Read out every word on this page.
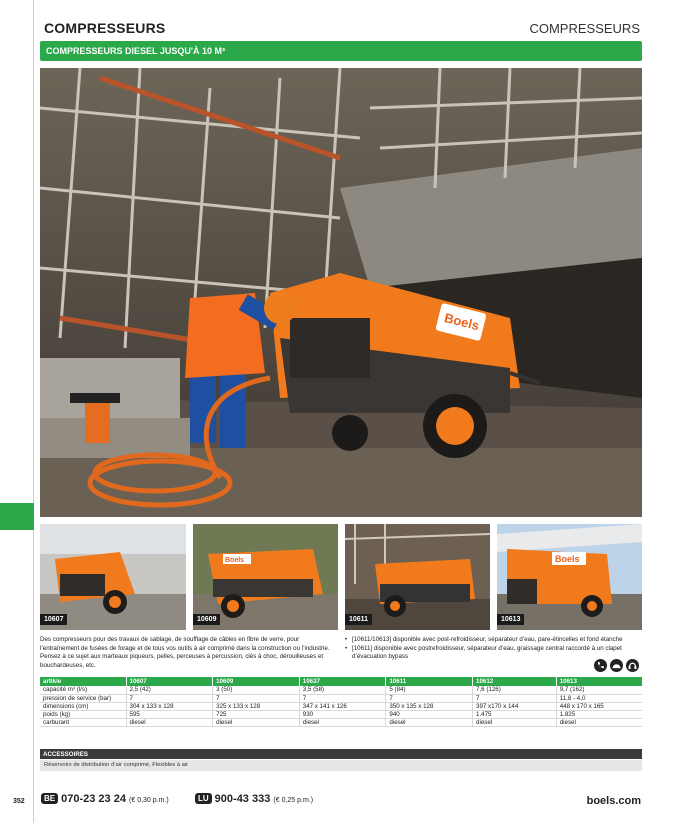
COMPRESSEURS	COMPRESSEURS
COMPRESSEURS DIESEL JUSQU'À 10 M³
Boels
10607
Boels
10609	10611
Boels
10613
Des compresseurs pour des travaux de sablage, de soufflage de câbles en fibre de verre, pour l’entraînement de fusées de forage et de tous vos outils à air comprimé dans la construction ou l’industrie. Pensez à ce sujet aux marteaux piqueurs, pelles, perceuses à percussion, clés à choc, dérouilleuses et bouchardeuses, etc.
• [10611/10613] disponible avec post-refroidisseur, séparateur d’eau, pare-étincelles et fond étanche
• [10611] disponible avec postrefroidisseur, séparateur d’eau, graissage central raccordé à un clapet d’évacuation bypass
artikle	10607	10609	10637	10611	10612	10613
capacité m³ (l/s)	2,5 (42)	3 (50)	3,5 (58)	5 (84)	7,6 (126)	9,7 (162)
pression de service (bar)	7	7	7	7	7	11,8 - 4,0
dimensions (cm)	304 x 133 x 128	325 x 133 x 128	347 x 141 x 126	350 x 135 x 128	397 x170 x 144	448 x 170 x 165
poids (kg)	595	725	930	940	1.475	1.825
carburant	diesel	diesel	diesel	diesel	diesel	diesel
ACCESSOIRES
Réservoirs de distribution d’air comprimé, Flexibles à air
352	BE 070-23 23 24 (€ 0,30 p.m.)	LU 900-43 333 (€ 0,25 p.m.)	boels.com
